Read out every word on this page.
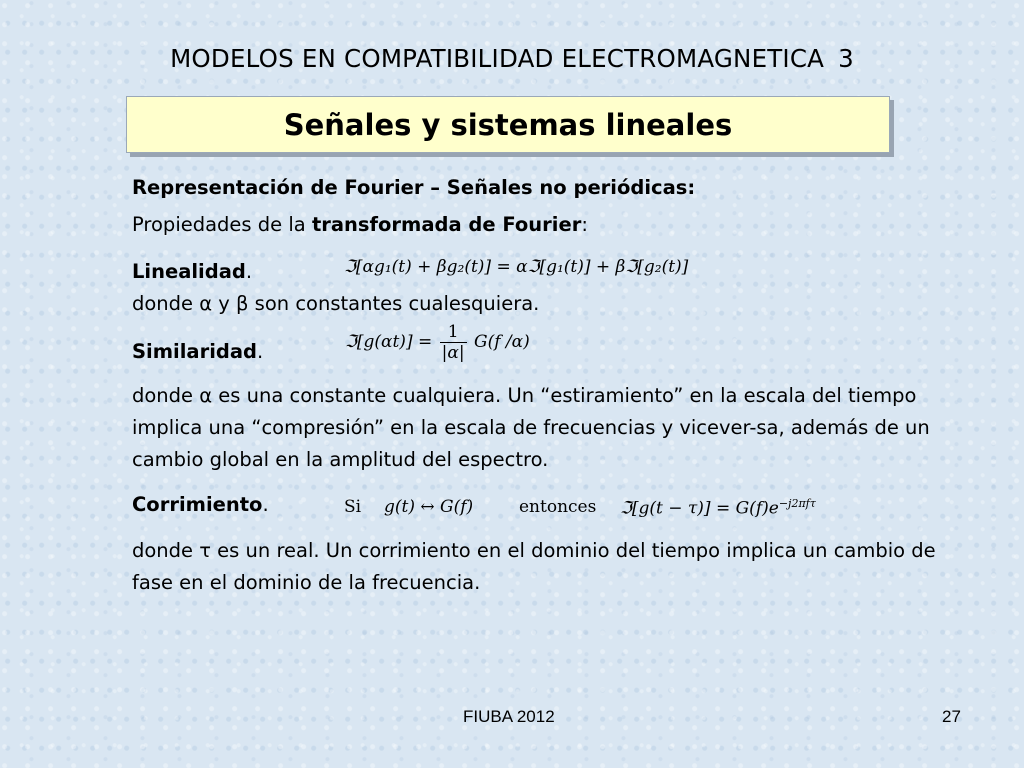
MODELOS EN COMPATIBILIDAD ELECTROMAGNETICA 3
Señales y sistemas lineales
Representación de Fourier – Señales no periódicas:
Propiedades de la transformada de Fourier:
Linealidad.	ℑ[αg₁(t) + βg₂(t)] = αℑ[g₁(t)] + βℑ[g₂(t)]
donde α y β son constantes cualesquiera.
Similaridad.	ℑ[g(αt)] = $\frac{1}{|\alpha|} G(f$ /α)
donde α es una constante cualquiera. Un “estiramiento” en la escala del tiempo implica una “compresión” en la escala de frecuencias y vicever-sa, además de un cambio global en la amplitud del espectro.
Corrimiento.	Si g(t) ↔ G(f)	entonces ℑ[g(t − $\tau)] = G(f)e^{-j2\pi f\tau}$
donde τ es un real. Un corrimiento en el dominio del tiempo implica un cambio de fase en el dominio de la frecuencia.
FIUBA 2012	27
